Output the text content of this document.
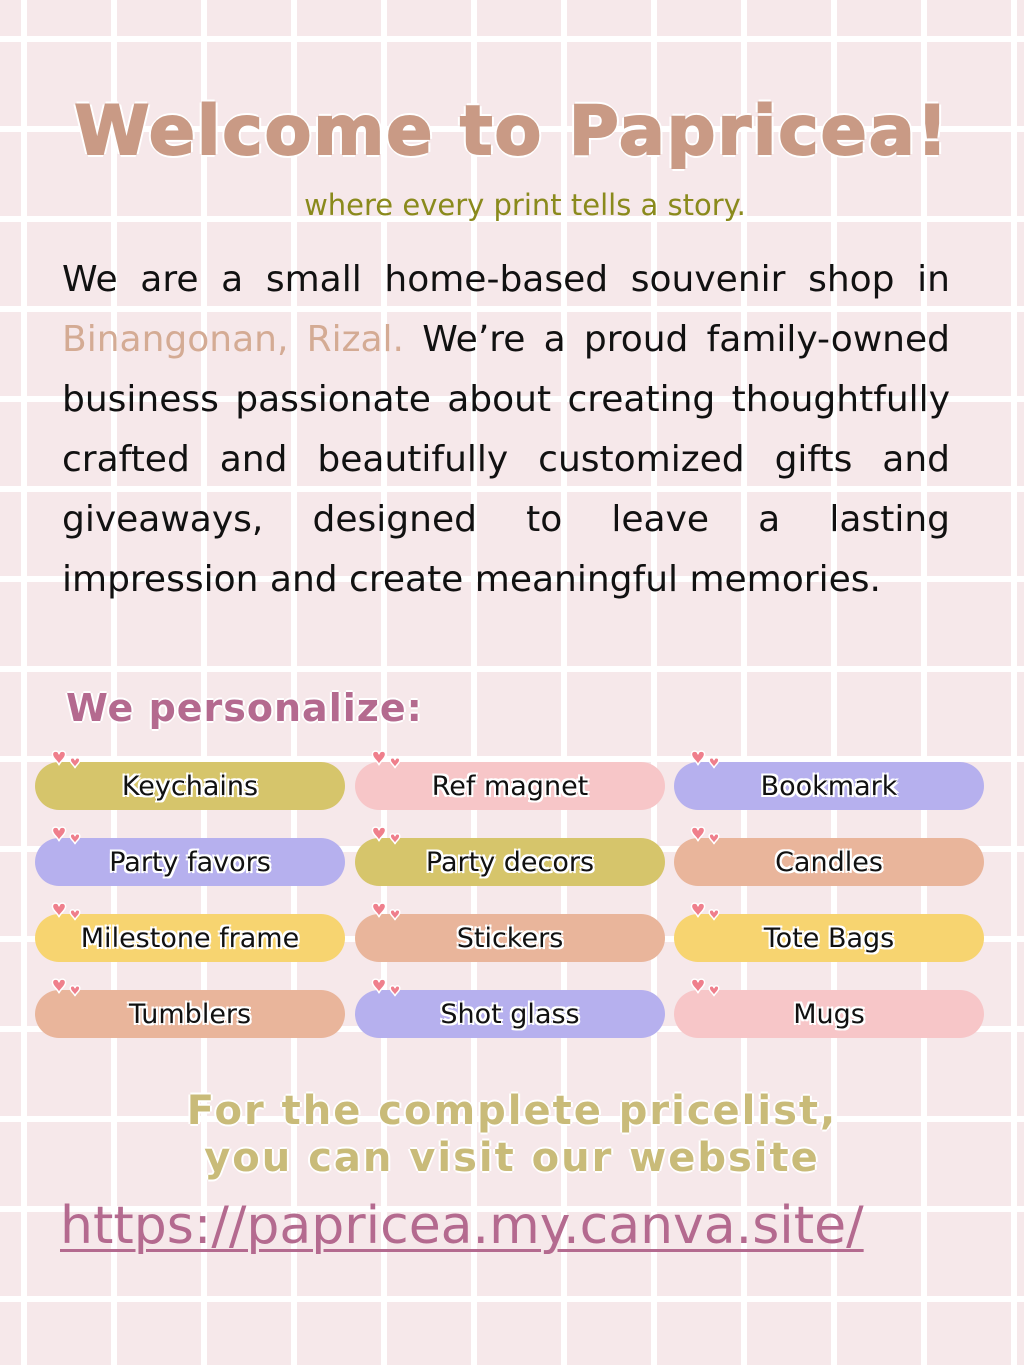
Welcome to Papricea!
where every print tells a story.

We are a small home-based souvenir shop in Binangonan, Rizal. We’re a proud family-owned business passionate about creating thoughtfully crafted and beautifully customized gifts and giveaways, designed to leave a lasting impression and create meaningful memories.

We personalize:
Keychains	Ref magnet	Bookmark
Party favors	Party decors	Candles
Milestone frame	Stickers	Tote Bags
Tumblers	Shot glass	Mugs
For the complete pricelist,
you can visit our website
https://papricea.my.canva.site/
